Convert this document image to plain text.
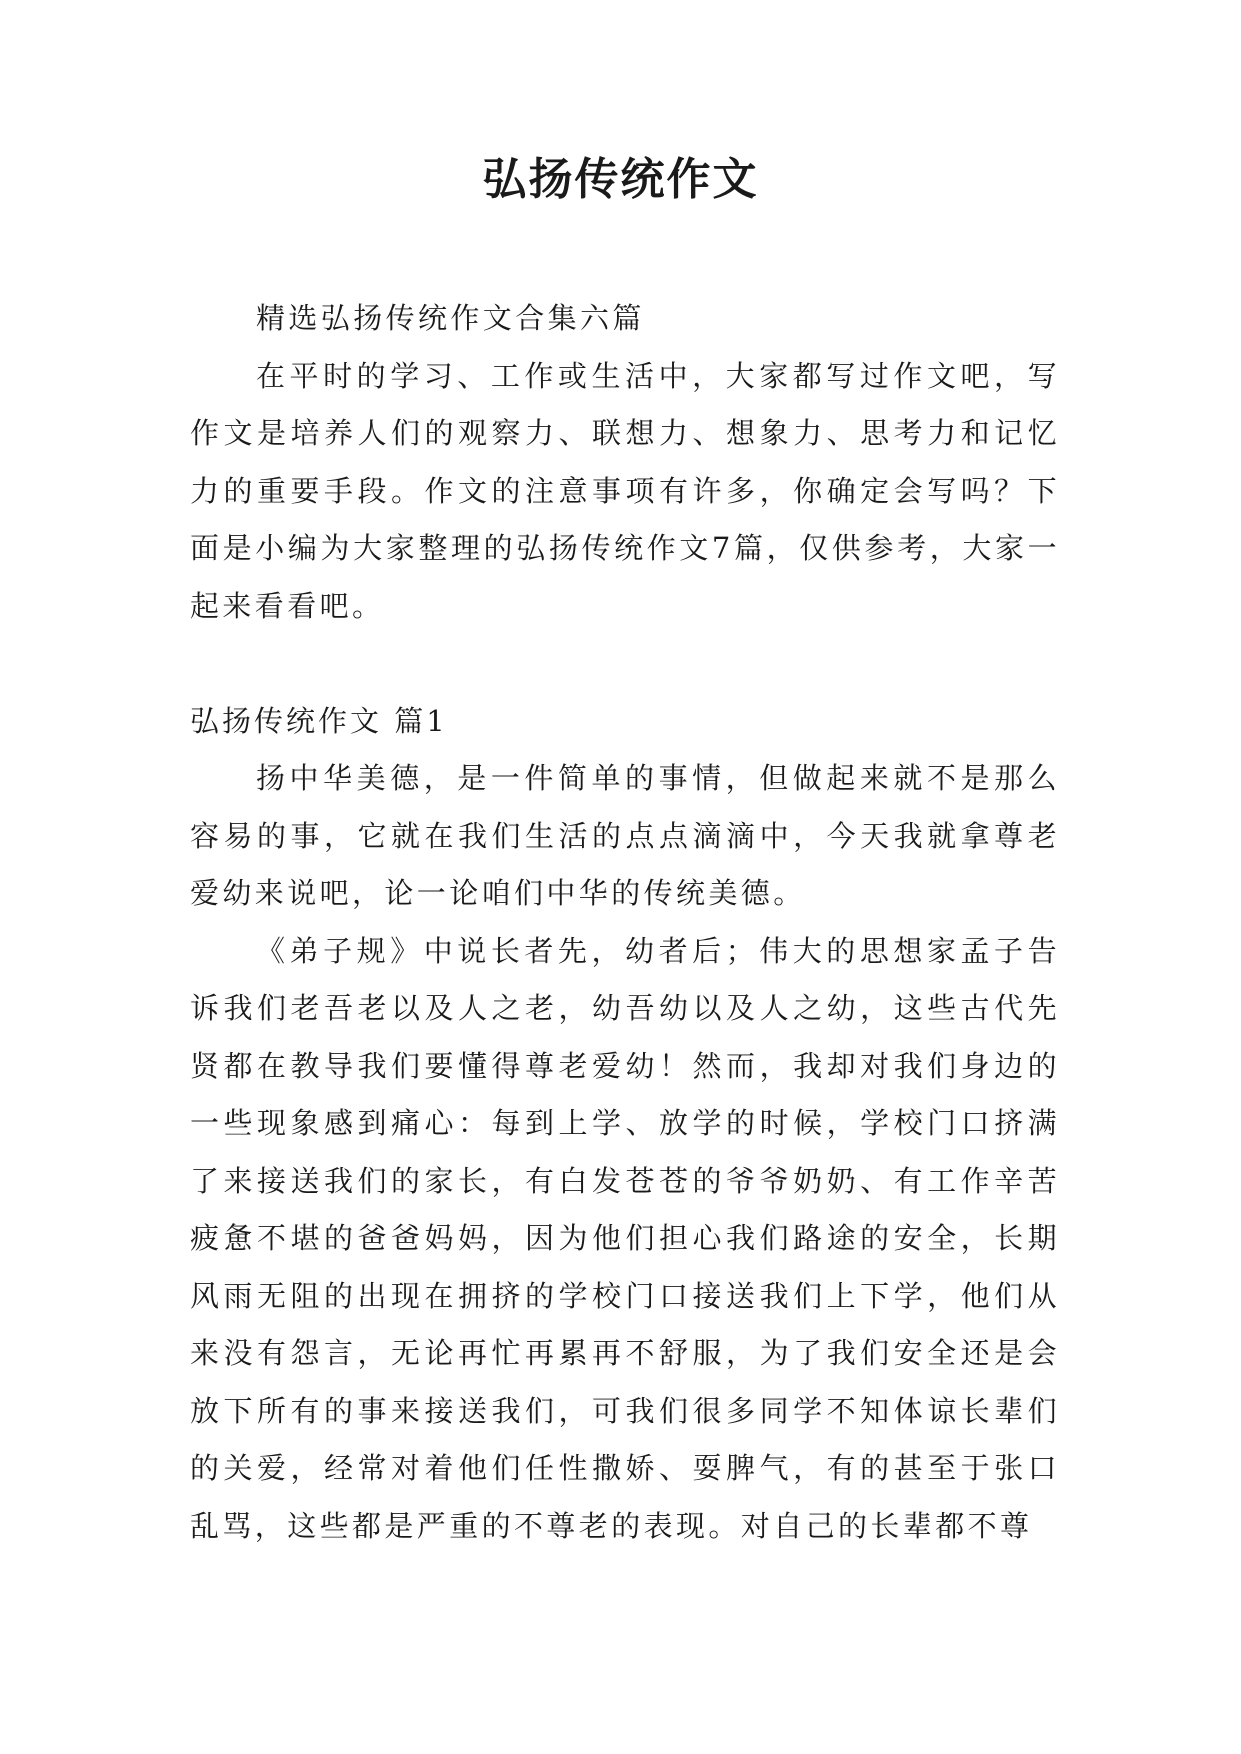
弘扬传统作文

精选弘扬传统作文合集六篇

在平时的学习、工作或生活中，大家都写过作文吧，写作文是培养人们的观察力、联想力、想象力、思考力和记忆力的重要手段。作文的注意事项有许多，你确定会写吗？下面是小编为大家整理的弘扬传统作文7篇，仅供参考，大家一起来看看吧。

弘扬传统作文 篇1

扬中华美德，是一件简单的事情，但做起来就不是那么容易的事，它就在我们生活的点点滴滴中，今天我就拿尊老爱幼来说吧，论一论咱们中华的传统美德。

《弟子规》中说长者先，幼者后；伟大的思想家孟子告诉我们老吾老以及人之老，幼吾幼以及人之幼，这些古代先贤都在教导我们要懂得尊老爱幼！然而，我却对我们身边的一些现象感到痛心：每到上学、放学的时候，学校门口挤满了来接送我们的家长，有白发苍苍的爷爷奶奶、有工作辛苦疲惫不堪的爸爸妈妈，因为他们担心我们路途的安全，长期风雨无阻的出现在拥挤的学校门口接送我们上下学，他们从来没有怨言，无论再忙再累再不舒服，为了我们安全还是会放下所有的事来接送我们，可我们很多同学不知体谅长辈们的关爱，经常对着他们任性撒娇、耍脾气，有的甚至于张口乱骂，这些都是严重的不尊老的表现。对自己的长辈都不尊
